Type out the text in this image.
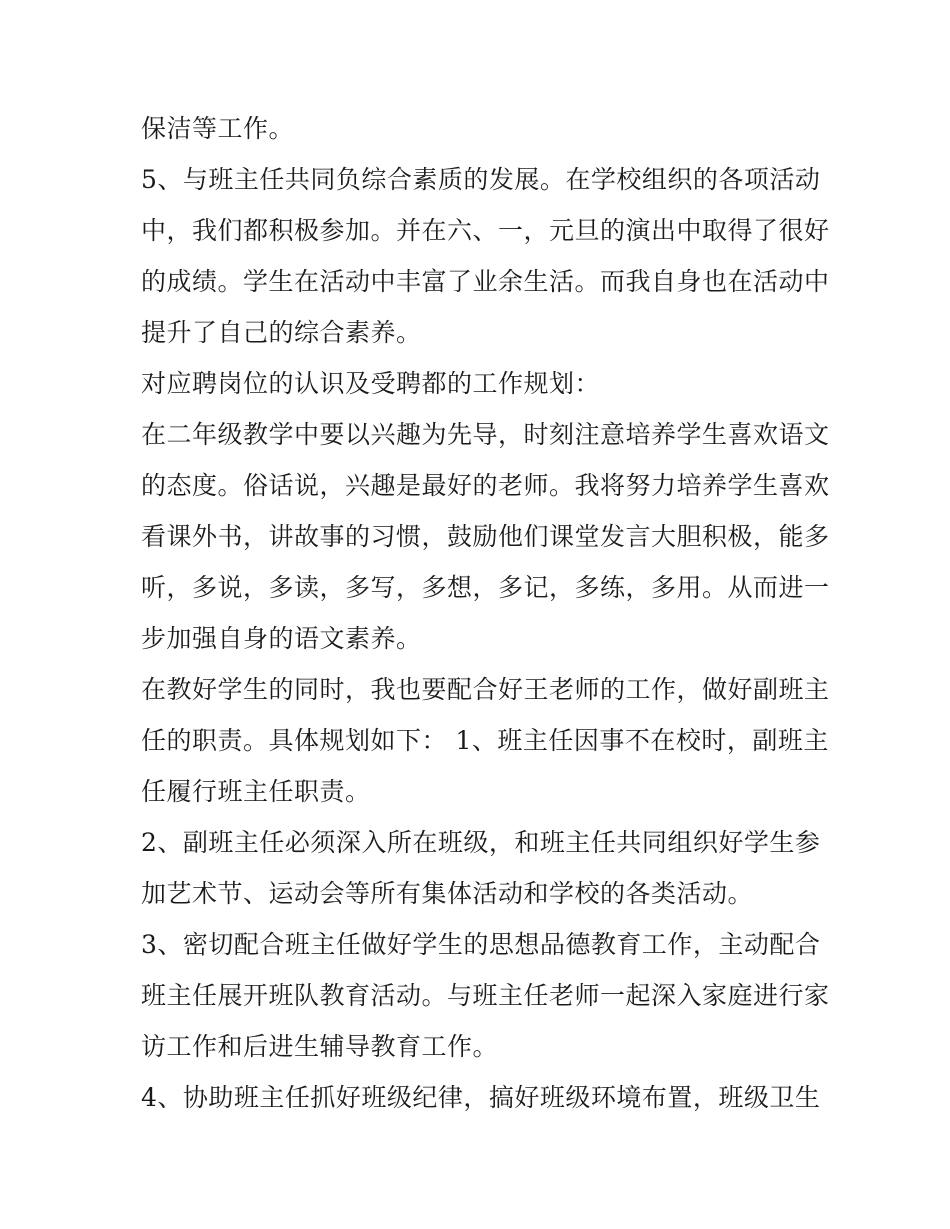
保洁等工作。
5、与班主任共同负综合素质的发展。在学校组织的各项活动
中，我们都积极参加。并在六、一，元旦的演出中取得了很好
的成绩。学生在活动中丰富了业余生活。而我自身也在活动中
提升了自己的综合素养。
对应聘岗位的认识及受聘都的工作规划：
在二年级教学中要以兴趣为先导，时刻注意培养学生喜欢语文
的态度。俗话说，兴趣是最好的老师。我将努力培养学生喜欢
看课外书，讲故事的习惯，鼓励他们课堂发言大胆积极，能多
听，多说，多读，多写，多想，多记，多练，多用。从而进一
步加强自身的语文素养。
在教好学生的同时，我也要配合好王老师的工作，做好副班主
任的职责。具体规划如下： 1、班主任因事不在校时，副班主
任履行班主任职责。
2、副班主任必须深入所在班级，和班主任共同组织好学生参
加艺术节、运动会等所有集体活动和学校的各类活动。
3、密切配合班主任做好学生的思想品德教育工作，主动配合
班主任展开班队教育活动。与班主任老师一起深入家庭进行家
访工作和后进生辅导教育工作。
4、协助班主任抓好班级纪律，搞好班级环境布置，班级卫生
